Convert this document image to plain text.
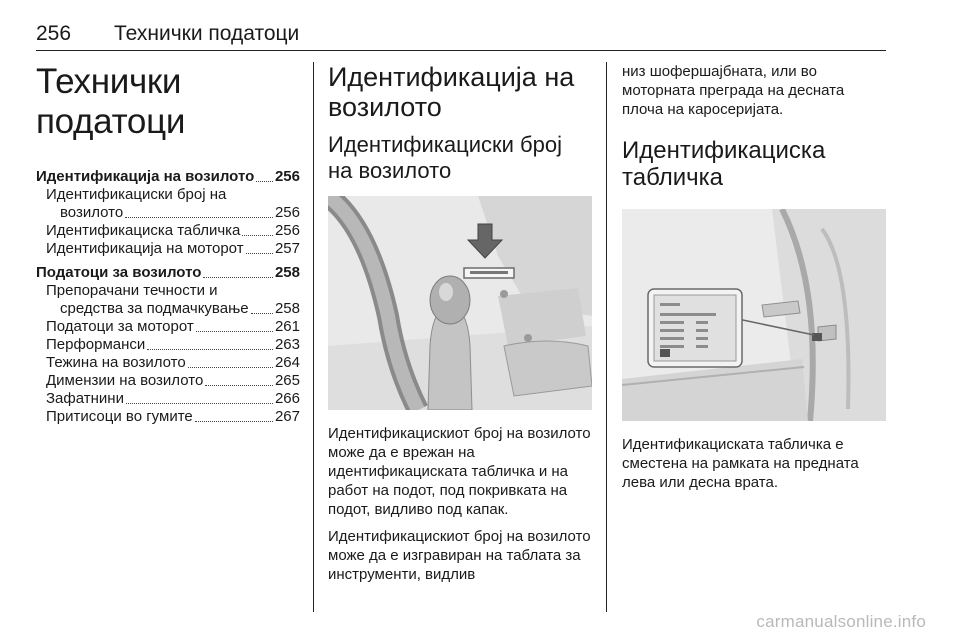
256 Технички податоци
Технички податоци
Идентификација на возилото 256
Идентификациски број на
возилото	256
Идентификациска табличка 256
Идентификација на моторот 257
Податоци за возилото	258
Препорачани течности и
средства за подмачкување 258
Податоци за моторот	261
Перформанси	263
Тежина на возилото	264
Димензии на возилото	265
Зафатнини	266
Притисоци во гумите	267
Идентификација на возилото
Идентификациски број на возилото

Идентификацискиот број на возилото може да е врежан на идентификациската табличка и на работ на подот, под покривката на подот, видливо под капак.

Идентификацискиот број на возилото може да е изгравиран на таблата за инструменти, видлив

низ шофершајбната, или во моторната преграда на десната плоча на каросеријата.

Идентификациска табличка

Идентификациската табличка е сместена на рамката на предната лева или десна врата.

carmanualsonline.info
